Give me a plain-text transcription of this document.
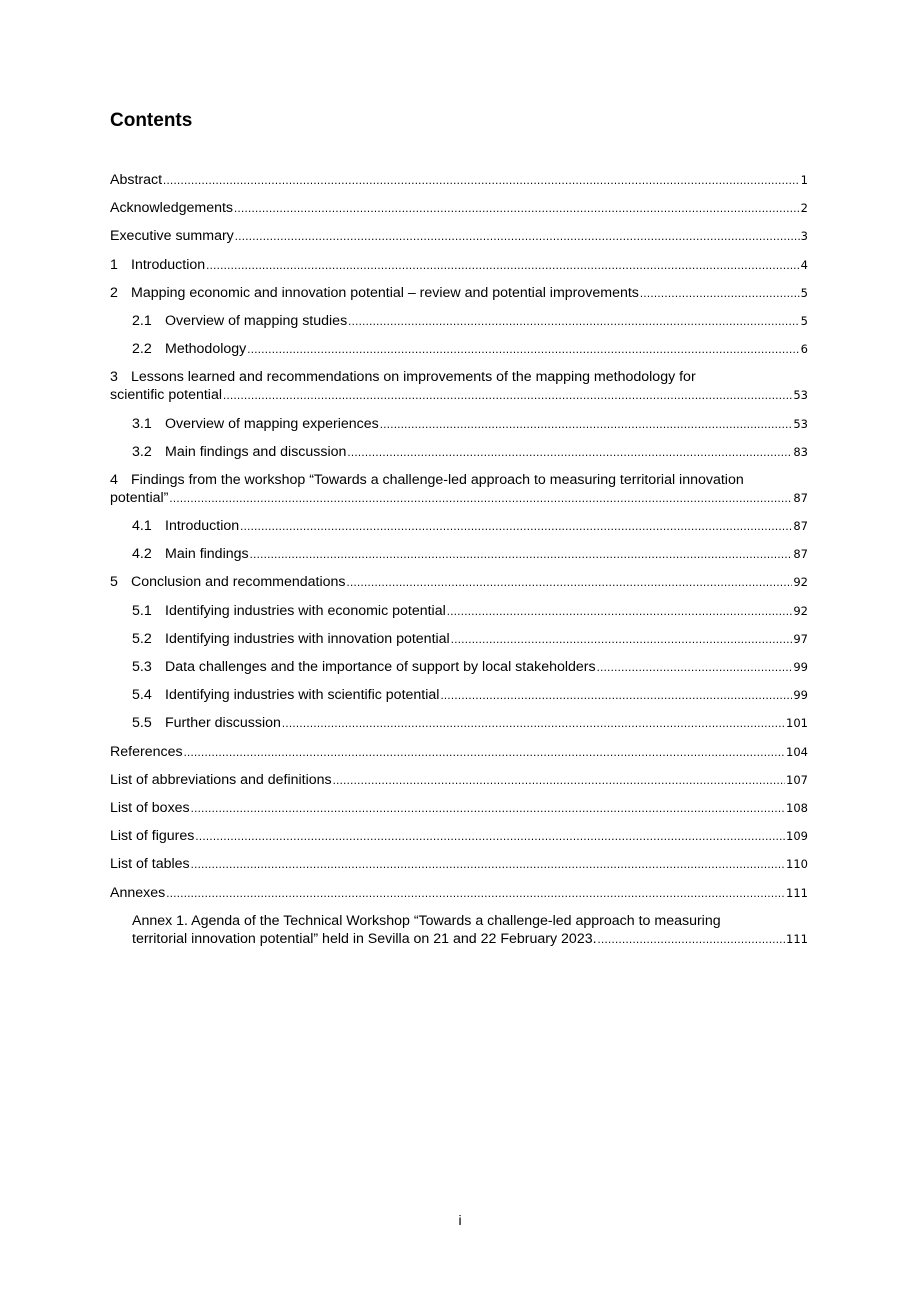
Contents
Abstract .....	1
Acknowledgements .....	2
Executive summary .....	3
1 Introduction .....	4
2 Mapping economic and innovation potential – review and potential improvements .....	5
2.1 Overview of mapping studies .....	5
2.2 Methodology .....	6
3 Lessons learned and recommendations on improvements of the mapping methodology for
scientific potential .....	53
3.1 Overview of mapping experiences .....	53
3.2 Main findings and discussion .....	83
4 Findings from the workshop “Towards a challenge-led approach to measuring territorial innovation
potential” .....	87
4.1 Introduction .....	87
4.2 Main findings .....	87
5 Conclusion and recommendations .....	92
5.1 Identifying industries with economic potential .....	92
5.2 Identifying industries with innovation potential .....	97
5.3 Data challenges and the importance of support by local stakeholders .....	99
5.4 Identifying industries with scientific potential .....	99
5.5 Further discussion .....	101
References .....	104
List of abbreviations and definitions .....	107
List of boxes .....	108
List of figures .....	109
List of tables .....	110
Annexes .....	111
Annex 1. Agenda of the Technical Workshop “Towards a challenge-led approach to measuring
territorial innovation potential” held in Sevilla on 21 and 22 February 2023. .....	111
i
